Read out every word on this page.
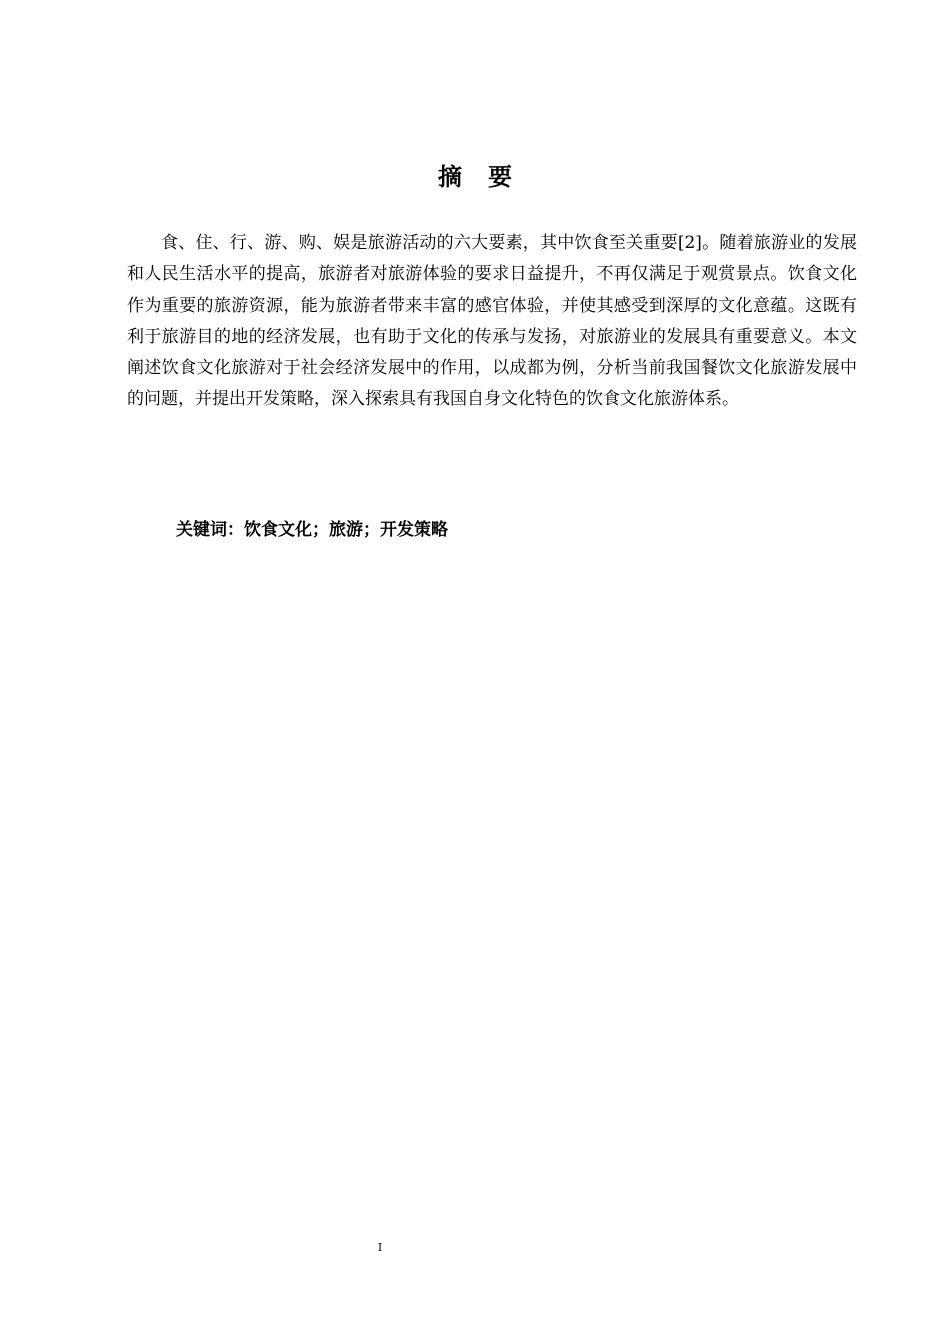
摘要

食、住、行、游、购、娱是旅游活动的六大要素，其中饮食至关重要[2]。随着旅游业的发展和人民生活水平的提高，旅游者对旅游体验的要求日益提升，不再仅满足于观赏景点。饮食文化作为重要的旅游资源，能为旅游者带来丰富的感官体验，并使其感受到深厚的文化意蕴。这既有利于旅游目的地的经济发展，也有助于文化的传承与发扬，对旅游业的发展具有重要意义。本文阐述饮食文化旅游对于社会经济发展中的作用，以成都为例，分析当前我国餐饮文化旅游发展中的问题，并提出开发策略，深入探索具有我国自身文化特色的饮食文化旅游体系。

关键词：饮食文化；旅游；开发策略
I
